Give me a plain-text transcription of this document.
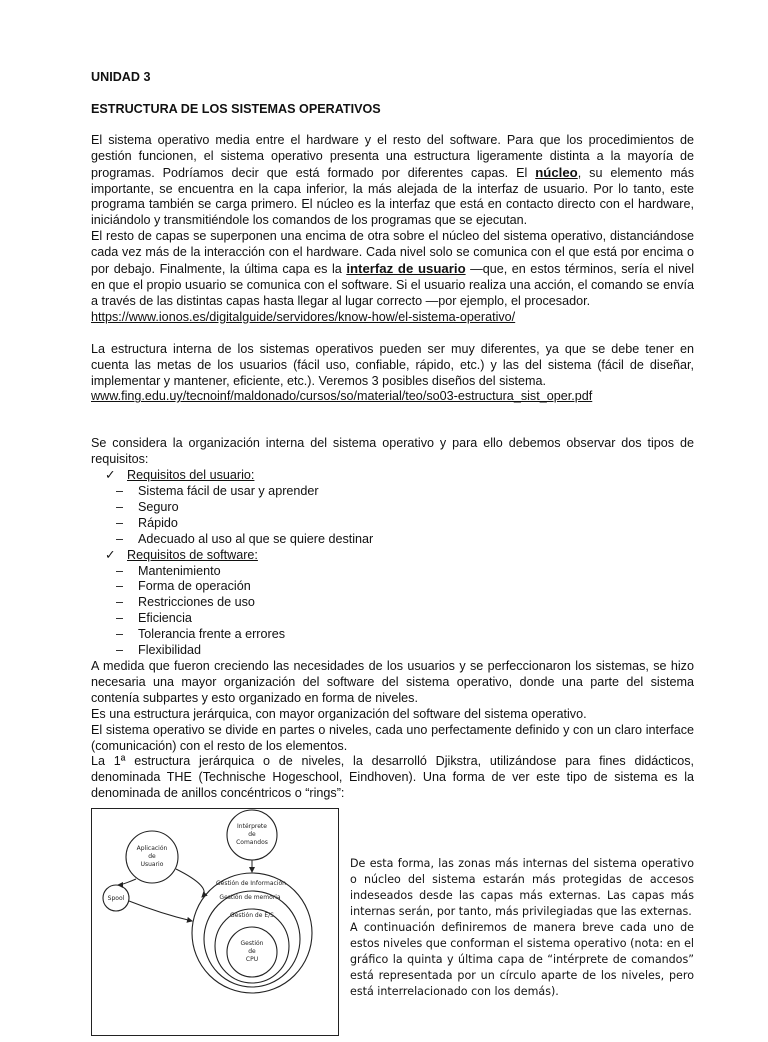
UNIDAD 3
ESTRUCTURA DE LOS SISTEMAS OPERATIVOS

El sistema operativo media entre el hardware y el resto del software. Para que los procedimientos de gestión funcionen, el sistema operativo presenta una estructura ligeramente distinta a la mayoría de programas. Podríamos decir que está formado por diferentes capas. El núcleo, su elemento más importante, se encuentra en la capa inferior, la más alejada de la interfaz de usuario. Por lo tanto, este programa también se carga primero. El núcleo es la interfaz que está en contacto directo con el hardware, iniciándolo y transmitiéndole los comandos de los programas que se ejecutan.

El resto de capas se superponen una encima de otra sobre el núcleo del sistema operativo, distanciándose cada vez más de la interacción con el hardware. Cada nivel solo se comunica con el que está por encima o por debajo. Finalmente, la última capa es la interfaz de usuario —que, en estos términos, sería el nivel en que el propio usuario se comunica con el software. Si el usuario realiza una acción, el comando se envía a través de las distintas capas hasta llegar al lugar correcto —por ejemplo, el procesador.

https://www.ionos.es/digitalguide/servidores/know-how/el-sistema-operativo/

La estructura interna de los sistemas operativos pueden ser muy diferentes, ya que se debe tener en cuenta las metas de los usuarios (fácil uso, confiable, rápido, etc.) y las del sistema (fácil de diseñar, implementar y mantener, eficiente, etc.). Veremos 3 posibles diseños del sistema.

www.fing.edu.uy/tecnoinf/maldonado/cursos/so/material/teo/so03-estructura_sist_oper.pdf

Se considera la organización interna del sistema operativo y para ello debemos observar dos tipos de requisitos:

✓ Requisitos del usuario:
–	Sistema fácil de usar y aprender
–	Seguro
–	Rápido
–	Adecuado al uso al que se quiere destinar
✓ Requisitos de software:
–	Mantenimiento
–	Forma de operación
–	Restricciones de uso
–	Eficiencia
–	Tolerancia frente a errores
–	Flexibilidad

A medida que fueron creciendo las necesidades de los usuarios y se perfeccionaron los sistemas, se hizo necesaria una mayor organización del software del sistema operativo, donde una parte del sistema contenía subpartes y esto organizado en forma de niveles.

Es una estructura jerárquica, con mayor organización del software del sistema operativo.

El sistema operativo se divide en partes o niveles, cada uno perfectamente definido y con un claro interface (comunicación) con el resto de los elementos.

La 1ª estructura jerárquica o de niveles, la desarrolló Djikstra, utilizándose para fines didácticos, denominada THE (Technische Hogeschool, Eindhoven). Una forma de ver este tipo de sistema es la denominada de anillos concéntricos o “rings”:

Intérprete
de
Comandos
Aplicación
de
Usuario
Spool
Gestión de Información
Gestión de memoria
Gestión de E/S
Gestión
de
CPU

De esta forma, las zonas más internas del sistema operativo o núcleo del sistema estarán más protegidas de accesos indeseados desde las capas más externas. Las capas más internas serán, por tanto, más privilegiadas que las externas.

A continuación definiremos de manera breve cada uno de estos niveles que conforman el sistema operativo (nota: en el gráfico la quinta y última capa de “intérprete de comandos” está representada por un círculo aparte de los niveles, pero está interrelacionado con los demás).
